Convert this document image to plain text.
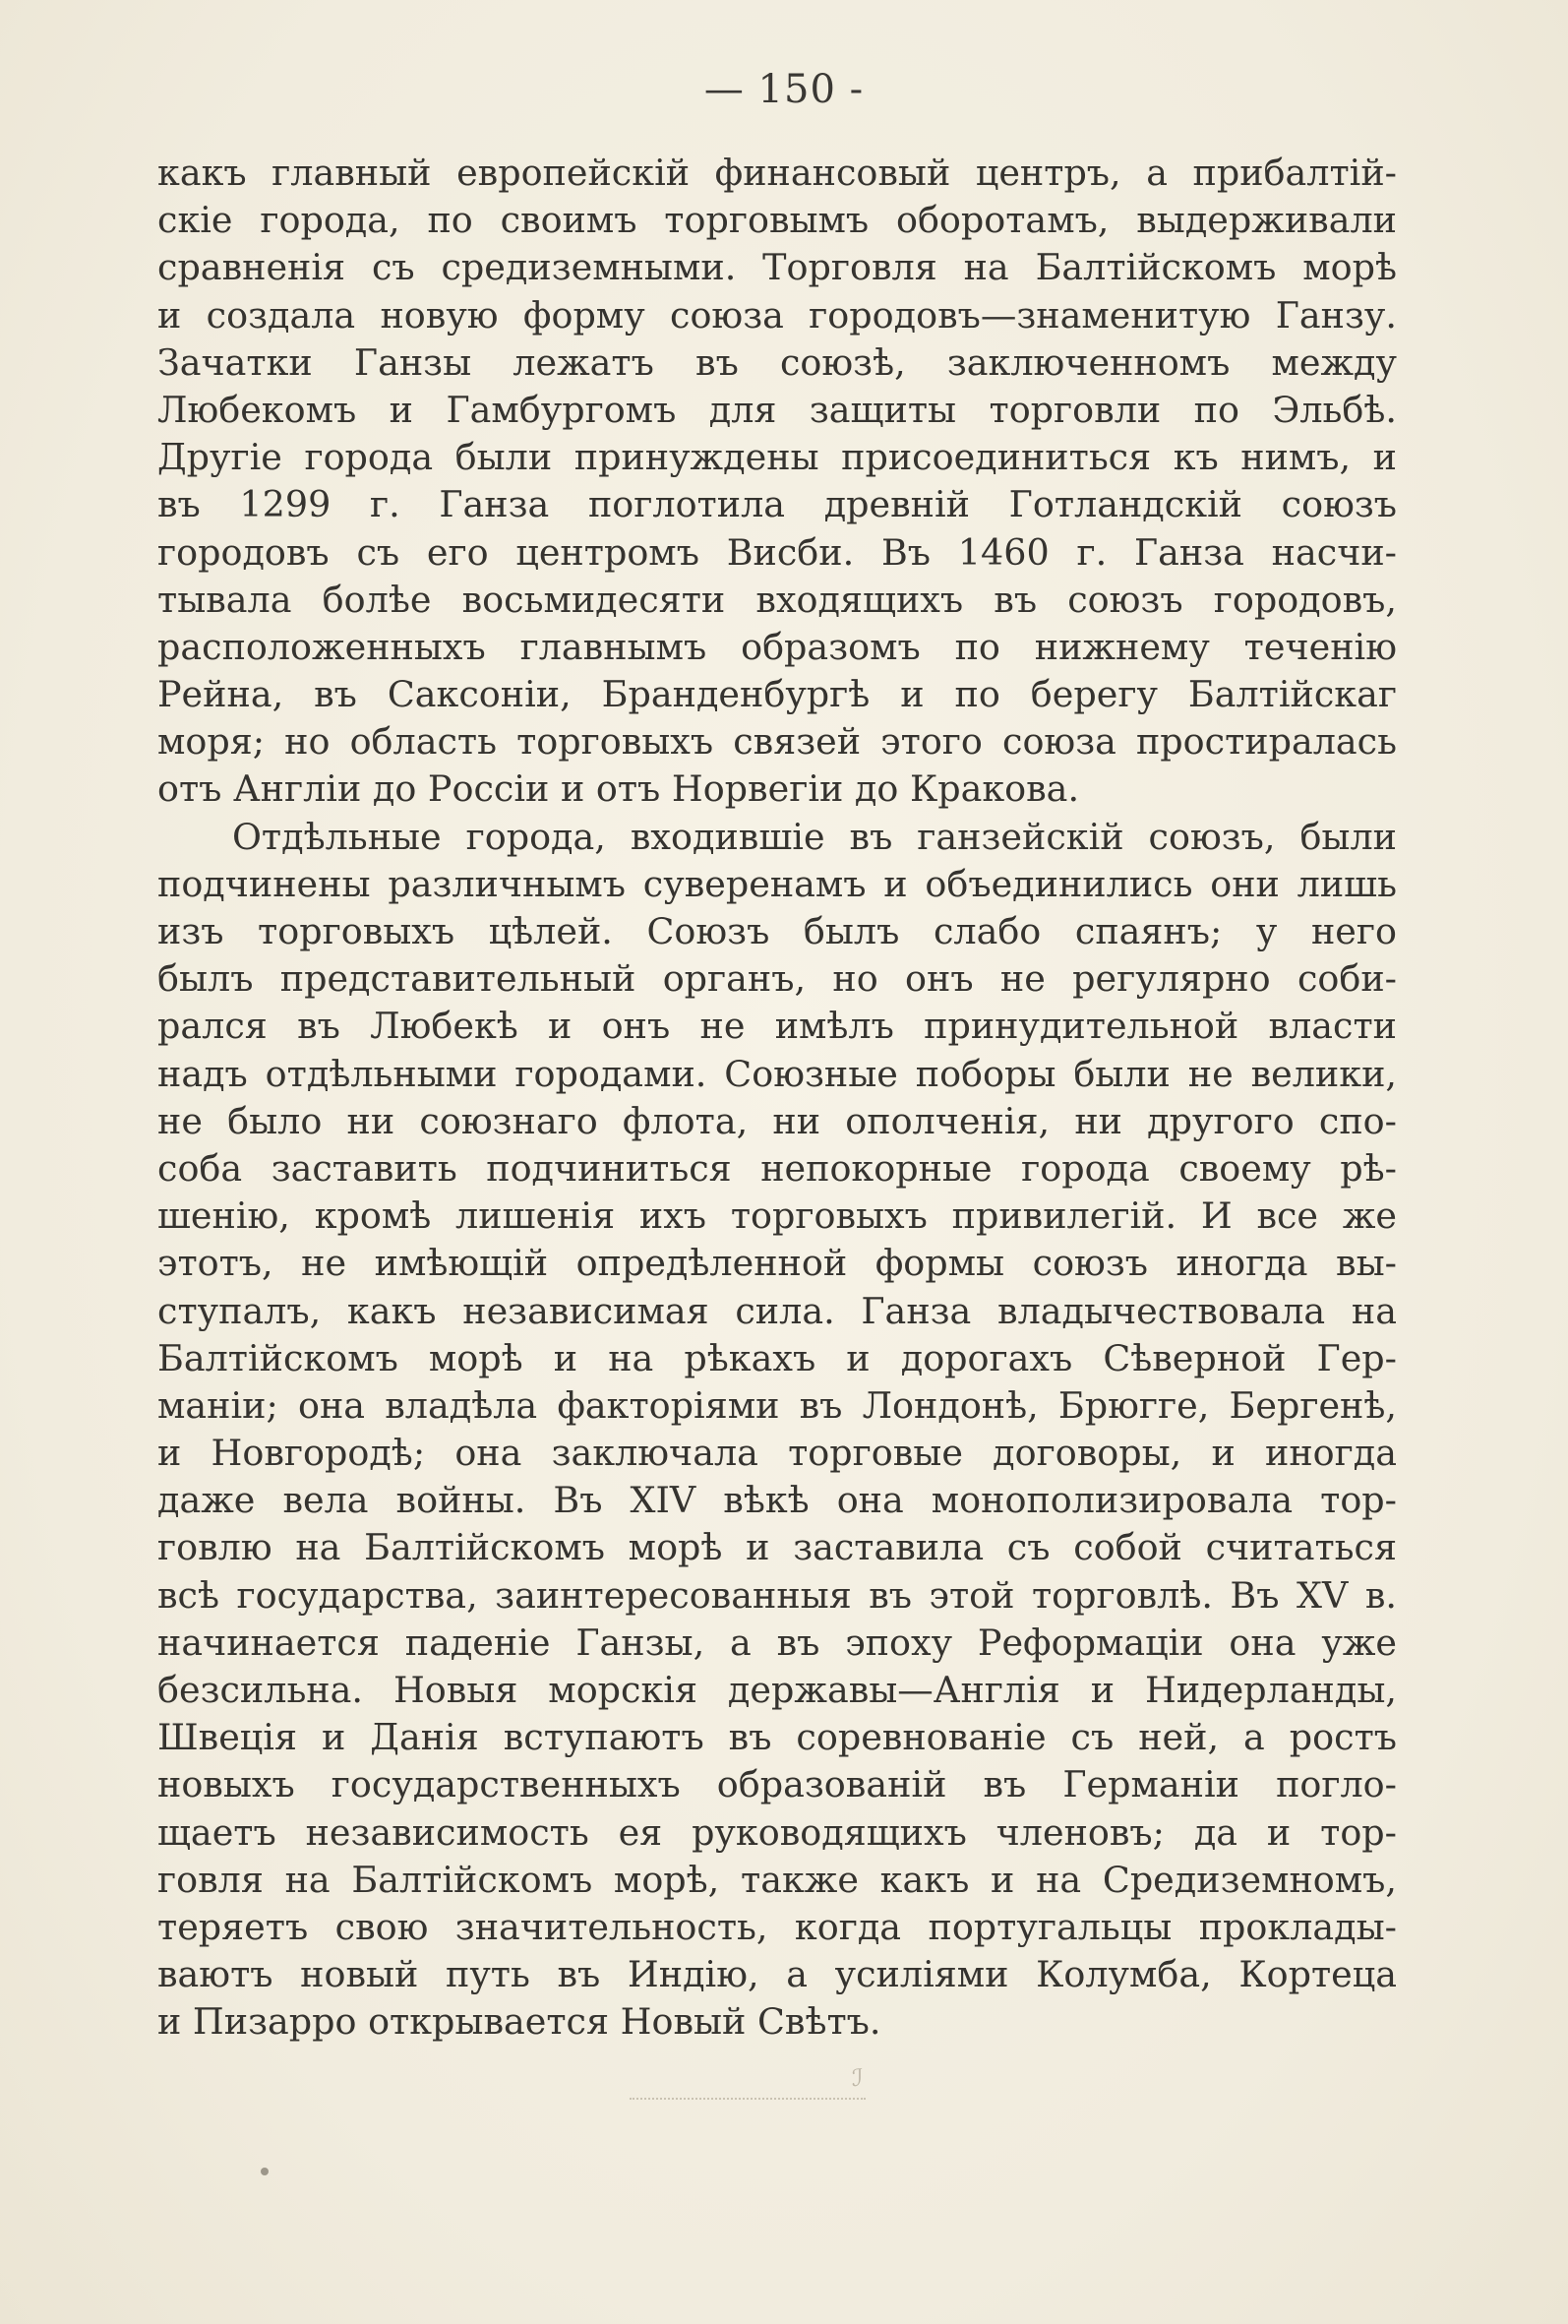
— 150 -
какъ главный европейскій финансовый центръ, а прибалтій-
скіе города, по своимъ торговымъ оборотамъ, выдерживали
сравненія съ средиземными. Торговля на Балтійскомъ морѣ
и создала новую форму союза городовъ—знаменитую Ганзу.
Зачатки Ганзы лежатъ въ союзѣ, заключенномъ между
Любекомъ и Гамбургомъ для защиты торговли по Эльбѣ.
Другіе города были принуждены присоединиться къ нимъ, и
въ 1299 г. Ганза поглотила древній Готландскій союзъ
городовъ съ его центромъ Висби. Въ 1460 г. Ганза насчи-
тывала болѣе восьмидесяти входящихъ въ союзъ городовъ,
расположенныхъ главнымъ образомъ по нижнему теченію
Рейна, въ Саксоніи, Бранденбургѣ и по берегу Балтійскаг
моря; но область торговыхъ связей этого союза простиралась
отъ Англіи до Россіи и отъ Норвегіи до Кракова.
Отдѣльные города, входившіе въ ганзейскій союзъ, были
подчинены различнымъ суверенамъ и объединились они лишь
изъ торговыхъ цѣлей. Союзъ былъ слабо спаянъ; у него
былъ представительный органъ, но онъ не регулярно соби-
рался въ Любекѣ и онъ не имѣлъ принудительной власти
надъ отдѣльными городами. Союзные поборы были не велики,
не было ни союзнаго флота, ни ополченія, ни другого спо-
соба заставить подчиниться непокорные города своему рѣ-
шенію, кромѣ лишенія ихъ торговыхъ привилегій. И все же
этотъ, не имѣющій опредѣленной формы союзъ иногда вы-
ступалъ, какъ независимая сила. Ганза владычествовала на
Балтійскомъ морѣ и на рѣкахъ и дорогахъ Сѣверной Гер-
маніи; она владѣла факторіями въ Лондонѣ, Брюгге, Бергенѣ,
и Новгородѣ; она заключала торговые договоры, и иногда
даже вела войны. Въ XIV вѣкѣ она монополизировала тор-
говлю на Балтійскомъ морѣ и заставила съ собой считаться
всѣ государства, заинтересованныя въ этой торговлѣ. Въ XV в.
начинается паденіе Ганзы, а въ эпоху Реформаціи она уже
безсильна. Новыя морскія державы—Англія и Нидерланды,
Швеція и Данія вступаютъ въ соревнованіе съ ней, а ростъ
новыхъ государственныхъ образованій въ Германіи погло-
щаетъ независимость ея руководящихъ членовъ; да и тор-
говля на Балтійскомъ морѣ, также какъ и на Средиземномъ,
теряетъ свою значительность, когда португальцы проклады-
ваютъ новый путь въ Индію, а усиліями Колумба, Кортеца
и Пизарро открывается Новый Свѣтъ.
ℐ
